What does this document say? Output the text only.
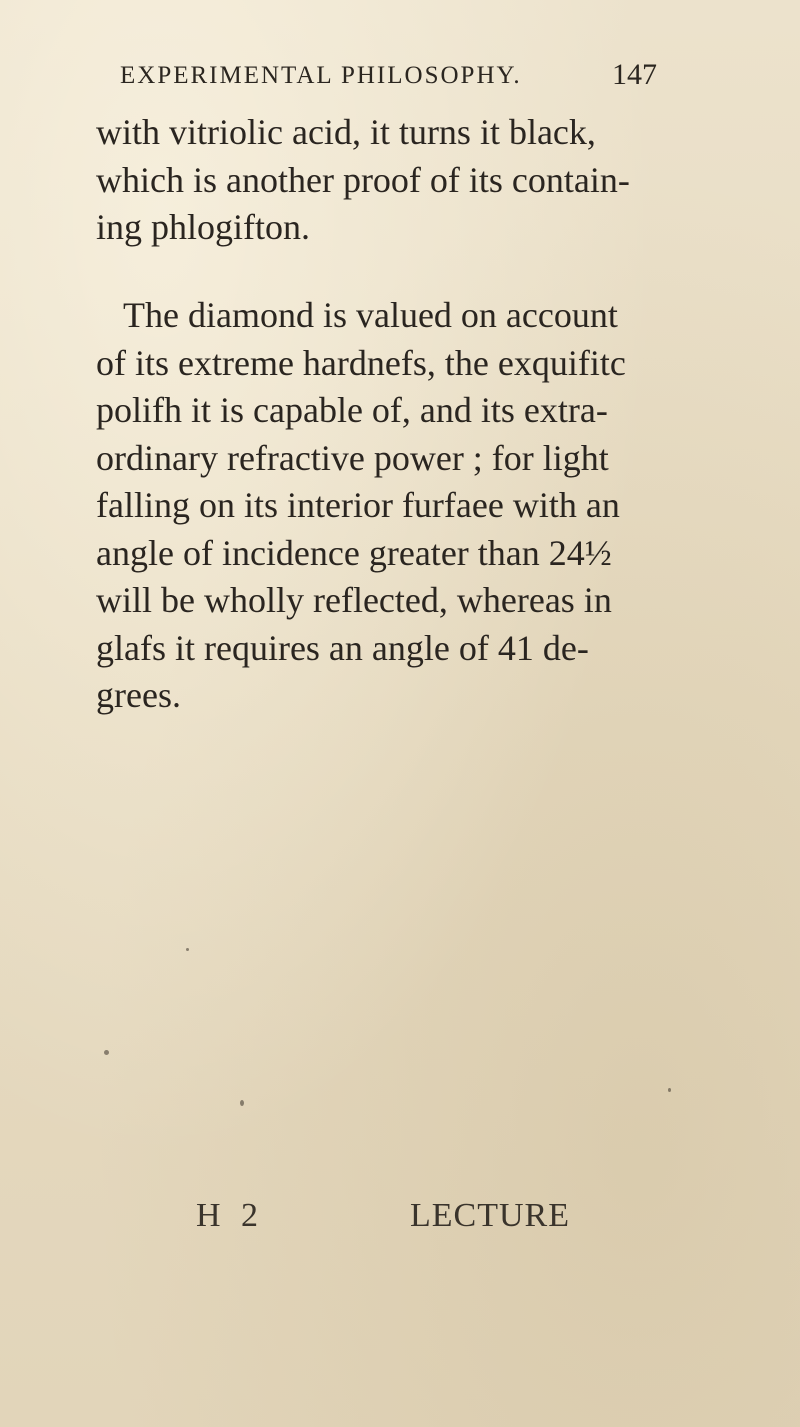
EXPERIMENTAL PHILOSOPHY.	147
with vitriolic acid, it turns it black,
which is another proof of its contain-
ing phlogifton.
The diamond is valued on account
of its extreme hardnefs, the exquifitc
polifh it is capable of, and its extra-
ordinary refractive power ; for light
falling on its interior furfaee with an
angle of incidence greater than 24½
will be wholly reflected, whereas in
glafs it requires an angle of 41 de-
grees.
H 2	LECTURE
